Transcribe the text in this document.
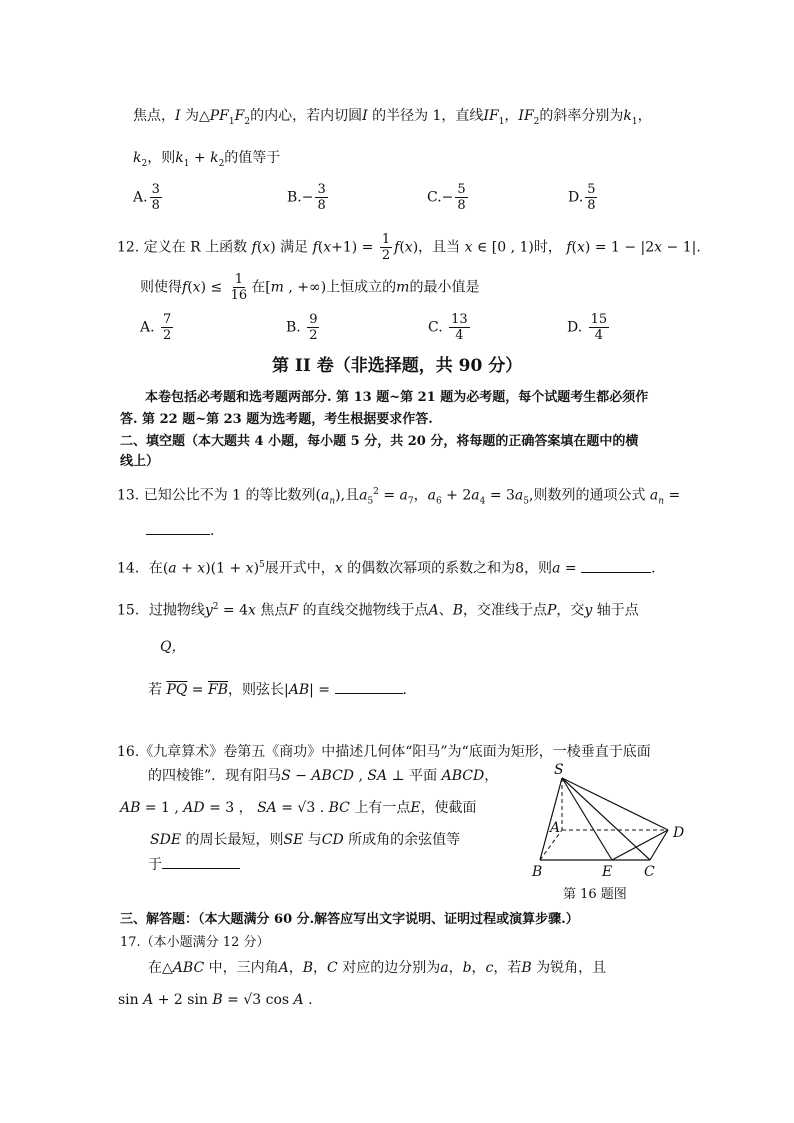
焦点，I 为$\triangle PF_1F_2$的内心，若内切圆I 的半径为 1，直线$IF_1$，$IF_2$的斜率分别为$k_1$，
$k_2$，则$k_1 + k_2$的值等于
A. $\frac{3}{8}$	$B.- \frac{3}{8}$	$C.- \frac{5}{8}$	D. $\frac{5}{8}$
12. 定义在 R 上函数 f(x) 满足 $f(x+1) = \frac{1}{2} f(x)$，且当 x ∈ [0 , 1)时， f(x) = 1 − |2x − 1|.
则使得$f(x) \le \frac{1}{16}$ 在[m , +∞)上恒成立的m的最小值是
A. $\frac{7}{2}$	B. $\frac{9}{2}$	C. $\frac{13}{4}$	D. $\frac{15}{4}$
第 II 卷（非选择题，共 90 分）
本卷包括必考题和选考题两部分. 第 13 题~第 21 题为必考题，每个试题考生都必须作
答. 第 22 题~第 23 题为选考题，考生根据要求作答.
二、填空题（本大题共 4 小题，每小题 5 分，共 20 分，将每题的正确答案填在题中的横
线上）
13. 已知公比不为 1 的等比数列$(a_n)$,且$a_5^2 = a_7$，$a_6 + 2a_4 = 3a_5$,则数列的通项公式 $a_n$ =
.
14．在$(a + x)(1 + x)^5$展开式中，x 的偶数次幂项的系数之和为8，则a =	.
15．过抛物线$y^2 = 4x$ 焦点F 的直线交抛物线于点A、B，交准线于点P，交y 轴于点
Q，
若 $\overline{PQ} = \overline{FB}$，则弦长|AB| =	.
16.《九章算术》卷第五《商功》中描述几何体“阳马”为“底面为矩形，一棱垂直于底面
的四棱锥”．现有阳马S − ABCD , SA ⊥ 平面 ABCD，
AB = 1 , AD = 3 ， SA = √3 . BC 上有一点E，使截面
SDE 的周长最短，则SE 与CD 所成角的余弦值等
于
S
A
B	E C
D
第 16 题图
三、解答题：（本大题满分 60 分.解答应写出文字说明、证明过程或演算步骤.）
17.（本小题满分 12 分）
在△ABC 中，三内角A，B，C 对应的边分别为a，b，c，若B 为锐角，且
sin A + 2 sin B = √3 cos A .
